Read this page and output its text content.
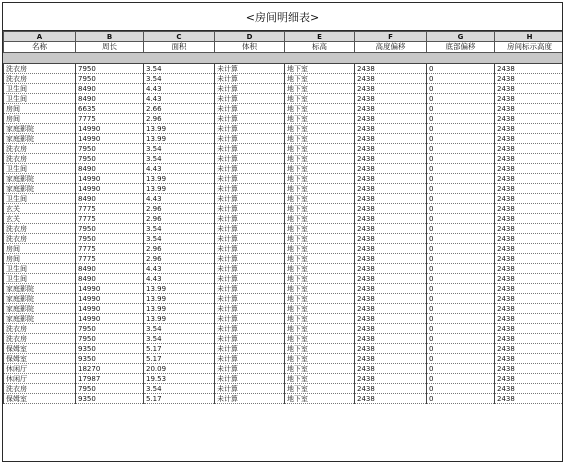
<房间明细表>
A	B	C	D	E	F	G	H
名称	周长	面积	体积	标高	高度偏移	底部偏移	房间标示高度

洗衣房	7950	3.54	未计算	地下室	2438	0	2438
洗衣房	7950	3.54	未计算	地下室	2438	0	2438
卫生间	8490	4.43	未计算	地下室	2438	0	2438
卫生间	8490	4.43	未计算	地下室	2438	0	2438
房间	6635	2.66	未计算	地下室	2438	0	2438
房间	7775	2.96	未计算	地下室	2438	0	2438
家庭影院	14990	13.99	未计算	地下室	2438	0	2438
家庭影院	14990	13.99	未计算	地下室	2438	0	2438
洗衣房	7950	3.54	未计算	地下室	2438	0	2438
洗衣房	7950	3.54	未计算	地下室	2438	0	2438
卫生间	8490	4.43	未计算	地下室	2438	0	2438
家庭影院	14990	13.99	未计算	地下室	2438	0	2438
家庭影院	14990	13.99	未计算	地下室	2438	0	2438
卫生间	8490	4.43	未计算	地下室	2438	0	2438
玄关	7775	2.96	未计算	地下室	2438	0	2438
玄关	7775	2.96	未计算	地下室	2438	0	2438
洗衣房	7950	3.54	未计算	地下室	2438	0	2438
洗衣房	7950	3.54	未计算	地下室	2438	0	2438
房间	7775	2.96	未计算	地下室	2438	0	2438
房间	7775	2.96	未计算	地下室	2438	0	2438
卫生间	8490	4.43	未计算	地下室	2438	0	2438
卫生间	8490	4.43	未计算	地下室	2438	0	2438
家庭影院	14990	13.99	未计算	地下室	2438	0	2438
家庭影院	14990	13.99	未计算	地下室	2438	0	2438
家庭影院	14990	13.99	未计算	地下室	2438	0	2438
家庭影院	14990	13.99	未计算	地下室	2438	0	2438
洗衣房	7950	3.54	未计算	地下室	2438	0	2438
洗衣房	7950	3.54	未计算	地下室	2438	0	2438
保姆室	9350	5.17	未计算	地下室	2438	0	2438
保姆室	9350	5.17	未计算	地下室	2438	0	2438
休闲厅	18270	20.09	未计算	地下室	2438	0	2438
休闲厅	17987	19.53	未计算	地下室	2438	0	2438
洗衣房	7950	3.54	未计算	地下室	2438	0	2438
保姆室	9350	5.17	未计算	地下室	2438	0	2438
